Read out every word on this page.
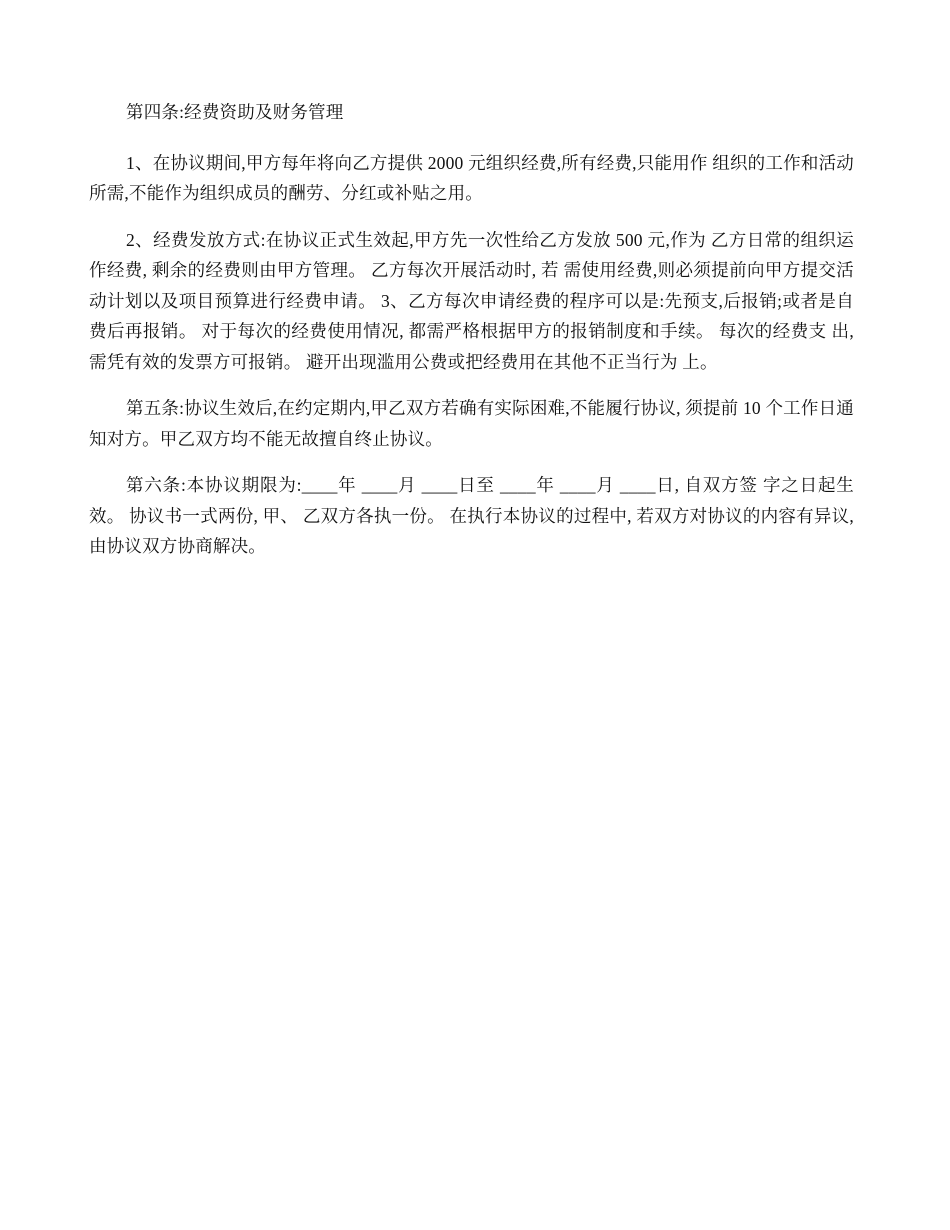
第四条:经费资助及财务管理

1、在协议期间,甲方每年将向乙方提供 2000 元组织经费,所有经费,只能用作 组织的工作和活动所需,不能作为组织成员的酬劳、分红或补贴之用。

2、经费发放方式:在协议正式生效起,甲方先一次性给乙方发放 500 元,作为 乙方日常的组织运作经费, 剩余的经费则由甲方管理。 乙方每次开展活动时, 若 需使用经费,则必须提前向甲方提交活动计划以及项目预算进行经费申请。 3、乙方每次申请经费的程序可以是:先预支,后报销;或者是自费后再报销。 对于每次的经费使用情况, 都需严格根据甲方的报销制度和手续。 每次的经费支 出, 需凭有效的发票方可报销。 避开出现滥用公费或把经费用在其他不正当行为 上。

第五条:协议生效后,在约定期内,甲乙双方若确有实际困难,不能履行协议, 须提前 10 个工作日通知对方。甲乙双方均不能无故擅自终止协议。

第六条:本协议期限为:____年 ____月 ____日至 ____年 ____月 ____日, 自双方签 字之日起生效。 协议书一式两份, 甲、 乙双方各执一份。 在执行本协议的过程中, 若双方对协议的内容有异议,由协议双方协商解决。
